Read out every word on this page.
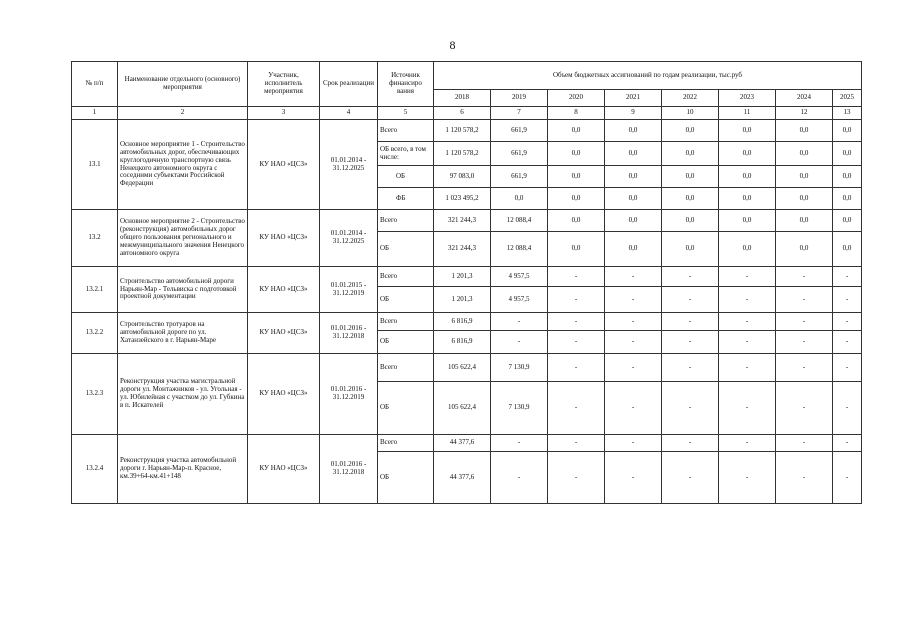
8
№ п/п	Наименование отдельного (основного) мероприятия	Участник, исполнитель мероприятия	Срок реализации	Источник финансиро вания	Объем бюджетных ассигнований по годам реализации, тыс.руб							
					2018	2019	2020	2021	2022	2023	2024	2025
1	2	3	4	5	6	7	8	9	10	11	12	13
13.1	Основное мероприятие 1 - Строительство автомобильных дорог, обеспечивающих круглогодичную транспортную связь Ненецкого автономного округа с соседними субъектами Российской Федерации	КУ НАО «ЦСЗ»	01.01.2014 - 31.12.2025	Всего	1 120 578,2	661,9	0,0	0,0	0,0	0,0	0,0	0,0
				ОБ всего, в том числе:	1 120 578,2	661,9	0,0	0,0	0,0	0,0	0,0	0,0
				ОБ	97 083,0	661,9	0,0	0,0	0,0	0,0	0,0	0,0
				ФБ	1 023 495,2	0,0	0,0	0,0	0,0	0,0	0,0	0,0
13.2	Основное мероприятие 2 - Строительство (реконструкция) автомобильных дорог общего пользования регионального и межмуниципального значения Ненецкого автономного округа	КУ НАО «ЦСЗ»	01.01.2014 - 31.12.2025	Всего	321 244,3	12 088,4	0,0	0,0	0,0	0,0	0,0	0,0
				ОБ	321 244,3	12 088,4	0,0	0,0	0,0	0,0	0,0	0,0
13.2.1	Строительство автомобильной дороги Нарьян-Мар - Тельвиска с подготовкой проектной документации	КУ НАО «ЦСЗ»	01.01.2015 - 31.12.2019	Всего	1 201,3	4 957,5	-	-	-	-	-	-
				ОБ	1 201,3	4 957,5	-	-	-	-	-	-
13.2.2	Строительство тротуаров на автомобильной дороге по ул. Хатанзейского в г. Нарьян-Маре	КУ НАО «ЦСЗ»	01.01.2016 - 31.12.2018	Всего	6 816,9	-	-	-	-	-	-	-
				ОБ	6 816,9	-	-	-	-	-	-	-
13.2.3	Реконструкция участка магистральной дороги ул. Монтажников - ул. Угольная - ул. Юбилейная с участком до ул. Губкина в п. Искателей	КУ НАО «ЦСЗ»	01.01.2016 - 31.12.2019	Всего	105 622,4	7 130,9	-	-	-	-	-	-
				ОБ	105 622,4	7 130,9	-	-	-	-	-	-
13.2.4	Реконструкция участка автомобильной дороги г. Нарьян-Мар-п. Красное, км.39+64-км.41+148	КУ НАО «ЦСЗ»	01.01.2016 - 31.12.2018	Всего	44 377,6	-	-	-	-	-	-	-
				ОБ	44 377,6	-	-	-	-	-	-	-
